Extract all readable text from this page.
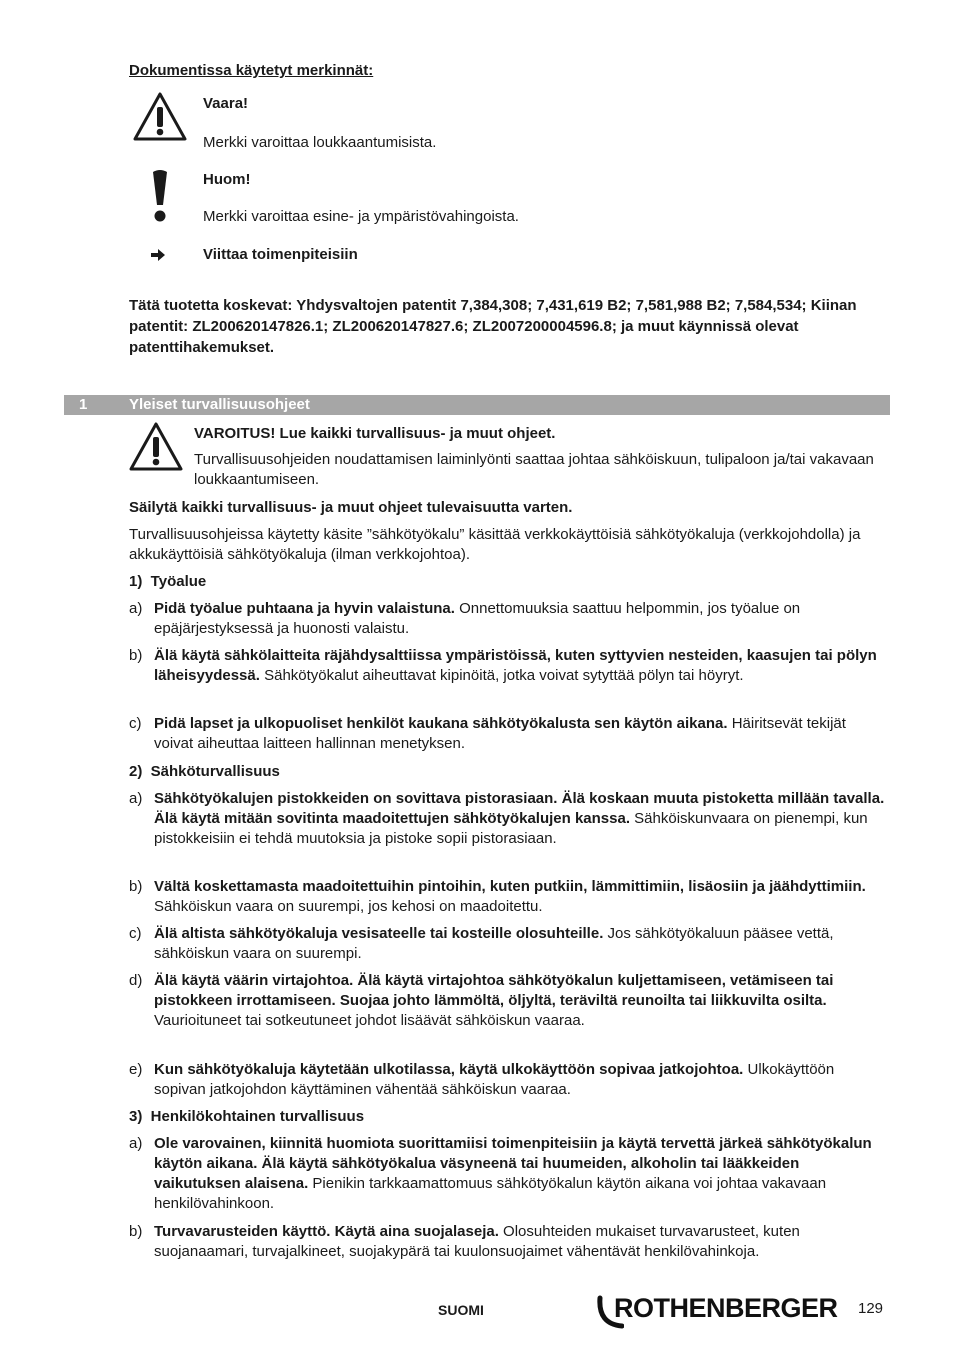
Dokumentissa käytetyt merkinnät:
Vaara!
Merkki varoittaa loukkaantumisista.
Huom!
Merkki varoittaa esine- ja ympäristövahingoista.
Viittaa toimenpiteisiin
Tätä tuotetta koskevat: Yhdysvaltojen patentit 7,384,308; 7,431,619 B2; 7,581,988 B2; 7,584,534; Kiinan patentit: ZL200620147826.1; ZL200620147827.6; ZL2007200004596.8; ja muut käynnissä olevat patenttihakemukset.
1	Yleiset turvallisuusohjeet
VAROITUS! Lue kaikki turvallisuus- ja muut ohjeet.
Turvallisuusohjeiden noudattamisen laiminlyönti saattaa johtaa sähköiskuun, tulipaloon ja/tai vakavaan loukkaantumiseen.
Säilytä kaikki turvallisuus- ja muut ohjeet tulevaisuutta varten.
Turvallisuusohjeissa käytetty käsite ”sähkötyökalu” käsittää verkkokäyttöisiä sähkötyökaluja (verkkojohdolla) ja akkukäyttöisiä sähkötyökaluja (ilman verkkojohtoa).
1)  Työalue
a) Pidä työalue puhtaana ja hyvin valaistuna. Onnettomuuksia saattuu helpommin, jos työalue on epäjärjestyksessä ja huonosti valaistu.
b) Älä käytä sähkölaitteita räjähdysalttiissa ympäristöissä, kuten syttyvien nesteiden, kaasujen tai pölyn läheisyydessä. Sähkötyökalut aiheuttavat kipinöitä, jotka voivat sytyttää pölyn tai höyryt.
c) Pidä lapset ja ulkopuoliset henkilöt kaukana sähkötyökalusta sen käytön aikana. Häiritsevät tekijät voivat aiheuttaa laitteen hallinnan menetyksen.
2)  Sähköturvallisuus
a) Sähkötyökalujen pistokkeiden on sovittava pistorasiaan. Älä koskaan muuta pistoketta millään tavalla. Älä käytä mitään sovitinta maadoitettujen sähkötyökalujen kanssa. Sähköiskunvaara on pienempi, kun pistokkeisiin ei tehdä muutoksia ja pistoke sopii pistorasiaan.
b) Vältä koskettamasta maadoitettuihin pintoihin, kuten putkiin, lämmittimiin, lisäosiin ja jäähdyttimiin. Sähköiskun vaara on suurempi, jos kehosi on maadoitettu.
c) Älä altista sähkötyökaluja vesisateelle tai kosteille olosuhteille. Jos sähkötyökaluun pääsee vettä, sähköiskun vaara on suurempi.
d) Älä käytä väärin virtajohtoa. Älä käytä virtajohtoa sähkötyökalun kuljettamiseen, vetämiseen tai pistokkeen irrottamiseen. Suojaa johto lämmöltä, öljyltä, teräviltä reunoilta tai liikkuvilta osilta. Vaurioituneet tai sotkeutuneet johdot lisäävät sähköiskun vaaraa.
e) Kun sähkötyökaluja käytetään ulkotilassa, käytä ulkokäyttöön sopivaa jatkojohtoa. Ulkokäyttöön sopivan jatkojohdon käyttäminen vähentää sähköiskun vaaraa.
3)  Henkilökohtainen turvallisuus
a) Ole varovainen, kiinnitä huomiota suorittamiisi toimenpiteisiin ja käytä tervettä järkeä sähkötyökalun käytön aikana. Älä käytä sähkötyökalua väsyneenä tai huumeiden, alkoholin tai lääkkeiden vaikutuksen alaisena. Pienikin tarkkaamattomuus sähkötyökalun käytön aikana voi johtaa vakavaan henkilövahinkoon.
b) Turvavarusteiden käyttö. Käytä aina suojalaseja. Olosuhteiden mukaiset turvavarusteet, kuten suojanaamari, turvajalkineet, suojakypärä tai kuulonsuojaimet vähentävät henkilövahinkoja.
SUOMI	ROTHENBERGER 129
